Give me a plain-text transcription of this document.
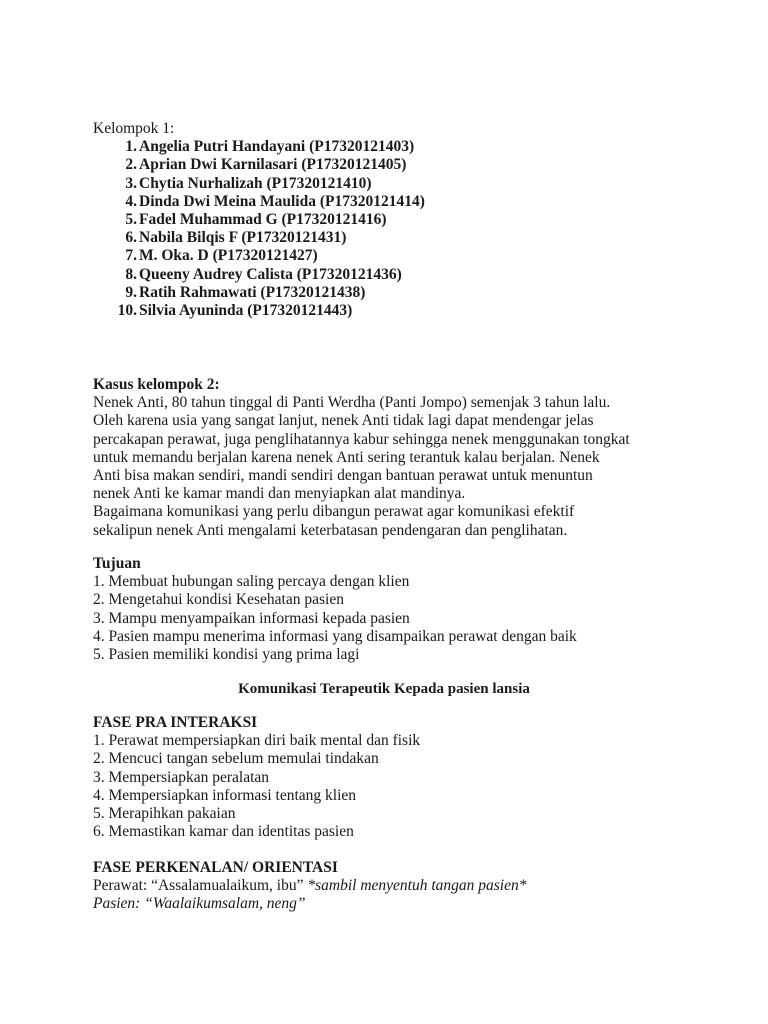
Kelompok 1:
1. Angelia Putri Handayani (P17320121403)
2. Aprian Dwi Karnilasari (P17320121405)
3. Chytia Nurhalizah (P17320121410)
4. Dinda Dwi Meina Maulida (P17320121414)
5. Fadel Muhammad G (P17320121416)
6. Nabila Bilqis F (P17320121431)
7. M. Oka. D (P17320121427)
8. Queeny Audrey Calista (P17320121436)
9. Ratih Rahmawati (P17320121438)
10. Silvia Ayuninda (P17320121443)
Kasus kelompok 2:
Nenek Anti, 80 tahun tinggal di Panti Werdha (Panti Jompo) semenjak 3 tahun lalu.
Oleh karena usia yang sangat lanjut, nenek Anti tidak lagi dapat mendengar jelas
percakapan perawat, juga penglihatannya kabur sehingga nenek menggunakan tongkat
untuk memandu berjalan karena nenek Anti sering terantuk kalau berjalan. Nenek
Anti bisa makan sendiri, mandi sendiri dengan bantuan perawat untuk menuntun
nenek Anti ke kamar mandi dan menyiapkan alat mandinya.
Bagaimana komunikasi yang perlu dibangun perawat agar komunikasi efektif
sekalipun nenek Anti mengalami keterbatasan pendengaran dan penglihatan.
Tujuan
1. Membuat hubungan saling percaya dengan klien
2. Mengetahui kondisi Kesehatan pasien
3. Mampu menyampaikan informasi kepada pasien
4. Pasien mampu menerima informasi yang disampaikan perawat dengan baik
5. Pasien memiliki kondisi yang prima lagi
Komunikasi Terapeutik Kepada pasien lansia
FASE PRA INTERAKSI
1. Perawat mempersiapkan diri baik mental dan fisik
2. Mencuci tangan sebelum memulai tindakan
3. Mempersiapkan peralatan
4. Mempersiapkan informasi tentang klien
5. Merapihkan pakaian
6. Memastikan kamar dan identitas pasien
FASE PERKENALAN/ ORIENTASI
Perawat: “Assalamualaikum, ibu” *sambil menyentuh tangan pasien*
Pasien: “Waalaikumsalam, neng”
